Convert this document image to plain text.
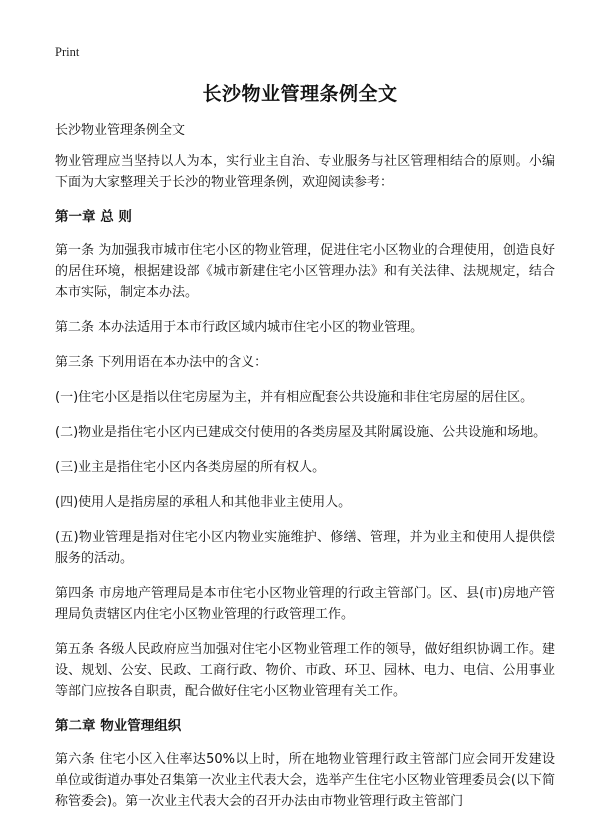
Print
长沙物业管理条例全文

长沙物业管理条例全文

物业管理应当坚持以人为本，实行业主自治、专业服务与社区管理相结合的原则。小编下面为大家整理关于长沙的物业管理条例，欢迎阅读参考：

第一章 总 则

第一条 为加强我市城市住宅小区的物业管理，促进住宅小区物业的合理使用，创造良好的居住环境，根据建设部《城市新建住宅小区管理办法》和有关法律、法规规定，结合本市实际，制定本办法。

第二条 本办法适用于本市行政区域内城市住宅小区的物业管理。

第三条 下列用语在本办法中的含义：

(一)住宅小区是指以住宅房屋为主，并有相应配套公共设施和非住宅房屋的居住区。

(二)物业是指住宅小区内已建成交付使用的各类房屋及其附属设施、公共设施和场地。

(三)业主是指住宅小区内各类房屋的所有权人。

(四)使用人是指房屋的承租人和其他非业主使用人。

(五)物业管理是指对住宅小区内物业实施维护、修缮、管理，并为业主和使用人提供偿服务的活动。

第四条 市房地产管理局是本市住宅小区物业管理的行政主管部门。区、县(市)房地产管理局负责辖区内住宅小区物业管理的行政管理工作。

第五条 各级人民政府应当加强对住宅小区物业管理工作的领导，做好组织协调工作。建设、规划、公安、民政、工商行政、物价、市政、环卫、园林、电力、电信、公用事业等部门应按各自职责，配合做好住宅小区物业管理有关工作。

第二章 物业管理组织

第六条 住宅小区入住率达50%以上时，所在地物业管理行政主管部门应会同开发建设单位或街道办事处召集第一次业主代表大会，选举产生住宅小区物业管理委员会(以下简称管委会)。第一次业主代表大会的召开办法由市物业管理行政主管部门
